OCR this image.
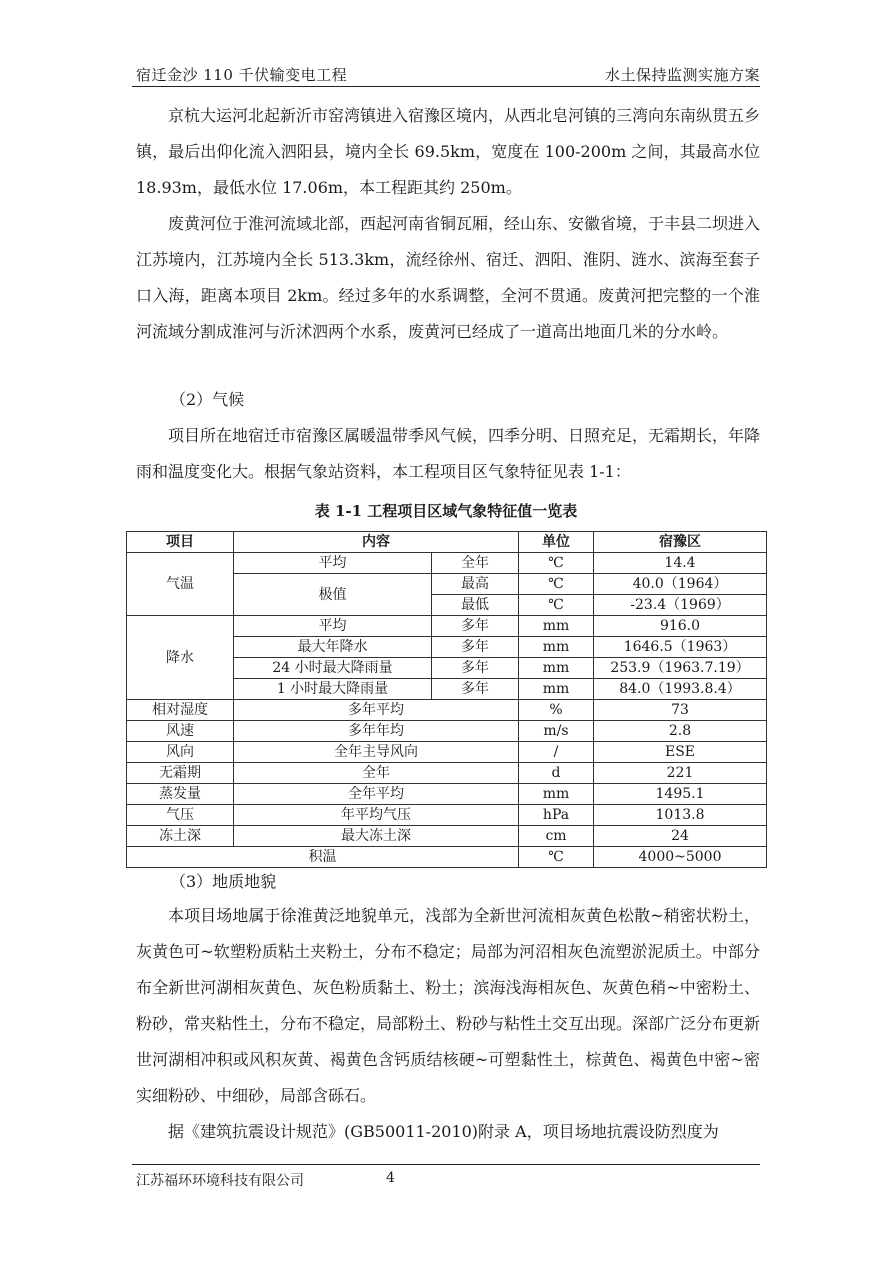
宿迁金沙 110 千伏输变电工程	水土保持监测实施方案

京杭大运河北起新沂市窑湾镇进入宿豫区境内，从西北皂河镇的三湾向东南纵贯五乡镇，最后出仰化流入泗阳县，境内全长 69.5km，宽度在 100-200m 之间，其最高水位 18.93m，最低水位 17.06m，本工程距其约 250m。

废黄河位于淮河流域北部，西起河南省铜瓦厢，经山东、安徽省境，于丰县二坝进入江苏境内，江苏境内全长 513.3km，流经徐州、宿迁、泗阳、淮阴、涟水、滨海至套子口入海，距离本项目 2km。经过多年的水系调整，全河不贯通。废黄河把完整的一个淮河流域分割成淮河与沂沭泗两个水系，废黄河已经成了一道高出地面几米的分水岭。

（2）气候

项目所在地宿迁市宿豫区属暖温带季风气候，四季分明、日照充足，无霜期长，年降雨和温度变化大。根据气象站资料，本工程项目区气象特征见表 1-1：

表 1-1 工程项目区域气象特征值一览表
项目	内容		单位	宿豫区
气温	平均	全年	℃	14.4
	极值	最高	℃	40.0（1964）
		最低	℃	-23.4（1969）
降水	平均	多年	mm	916.0
	最大年降水	多年	mm	1646.5（1963）
	24 小时最大降雨量	多年	mm	253.9（1963.7.19）
	1 小时最大降雨量	多年	mm	84.0（1993.8.4）
相对湿度	多年平均		%	73
风速	多年年均		m/s	2.8
风向	全年主导风向		/	ESE
无霜期	全年		d	221
蒸发量	全年平均		mm	1495.1
气压	年平均气压		hPa	1013.8
冻土深	最大冻土深		cm	24
积温			℃	4000~5000
（3）地质地貌

本项目场地属于徐淮黄泛地貌单元，浅部为全新世河流相灰黄色松散~稍密状粉土，灰黄色可~软塑粉质粘土夹粉土，分布不稳定；局部为河沼相灰色流塑淤泥质土。中部分布全新世河湖相灰黄色、灰色粉质黏土、粉土；滨海浅海相灰色、灰黄色稍~中密粉土、粉砂，常夹粘性土，分布不稳定，局部粉土、粉砂与粘性土交互出现。深部广泛分布更新世河湖相冲积或风积灰黄、褐黄色含钙质结核硬~可塑黏性土，棕黄色、褐黄色中密~密实细粉砂、中细砂，局部含砾石。

据《建筑抗震设计规范》(GB50011-2010)附录 A，项目场地抗震设防烈度为

江苏福环环境科技有限公司	4
